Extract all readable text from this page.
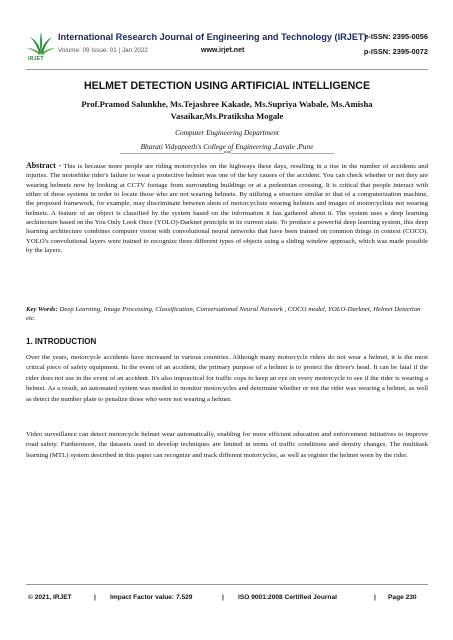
IRJET
International Research Journal of Engineering and Technology (IRJET)
e-ISSN: 2395-0056
Volume: 09 Issue: 01 | Jan 2022	www.irjet.net	p-ISSN: 2395-0072
HELMET DETECTION USING ARTIFICIAL INTELLIGENCE
Prof.Pramod Salunkhe, Ms.Tejashree Kakade, Ms.Supriya Wabale, Ms.Amisha Vasaikar,Ms.Pratiksha Mogale
Computer Engineering Department
Bharati Vidyapeeth's College of Engineering ,Lavale ,Pune
---------------------------------------------------------------------***---------------------------------------------------------------------
Abstract - This is because more people are riding motorcycles on the highways these days, resulting in a rise in the number of accidents and injuries. The motorbike rider's failure to wear a protective helmet was one of the key causes of the accident. You can check whether or not they are wearing helmets now by looking at CCTV footage from surrounding buildings or at a pedestrian crossing. It is critical that people interact with either of these systems in order to locate those who are not wearing helmets. By utilizing a structure similar to that of a computerization machine, the proposed framework, for example, may discriminate between shots of motorcyclists wearing helmets and images of motorcyclists not wearing helmets. A feature of an object is classified by the system based on the information it has gathered about it. The system uses a deep learning architecture based on the You Only Look Once (YOLO)-Darknet principle in its current state. To produce a powerful deep learning system, this deep learning architecture combines computer vision with convolutional neural networks that have been trained on common things in context (COCO). YOLO's convolutional layers were trained to recognize three different types of objects using a sliding window approach, which was made possible by the layers.
Key Words: Deep Learning, Image Processing, Classification, Conversational Neural Network , COCO model, YOLO-Darknet, Helmet Detection etc.
1. INTRODUCTION
Over the years, motorcycle accidents have increased in various countries. Although many motorcycle riders do not wear a helmet, it is the most critical piece of safety equipment. In the event of an accident, the primary purpose of a helmet is to protect the driver's head. It can be fatal if the rider does not use in the event of an accident. It's also impractical for traffic cops to keep an eye on every motorcycle to see if the rider is wearing a helmet. As a result, an automated system was needed to monitor motorcycles and determine whether or not the rider was wearing a helmet, as well as detect the number plate to penalize those who were not wearing a helmet.
Video surveillance can detect motorcycle helmet wear automatically, enabling for more efficient education and enforcement initiatives to improve road safety. Furthermore, the datasets used to develop techniques are limited in terms of traffic conditions and density changes. The multitask learning (MTL) system described in this paper can recognize and track different motorcycles, as well as register the helmet worn by the rider.
© 2021, IRJET	| Impact Factor value: 7.529	| ISO 9001:2008 Certified Journal	| Page 230
